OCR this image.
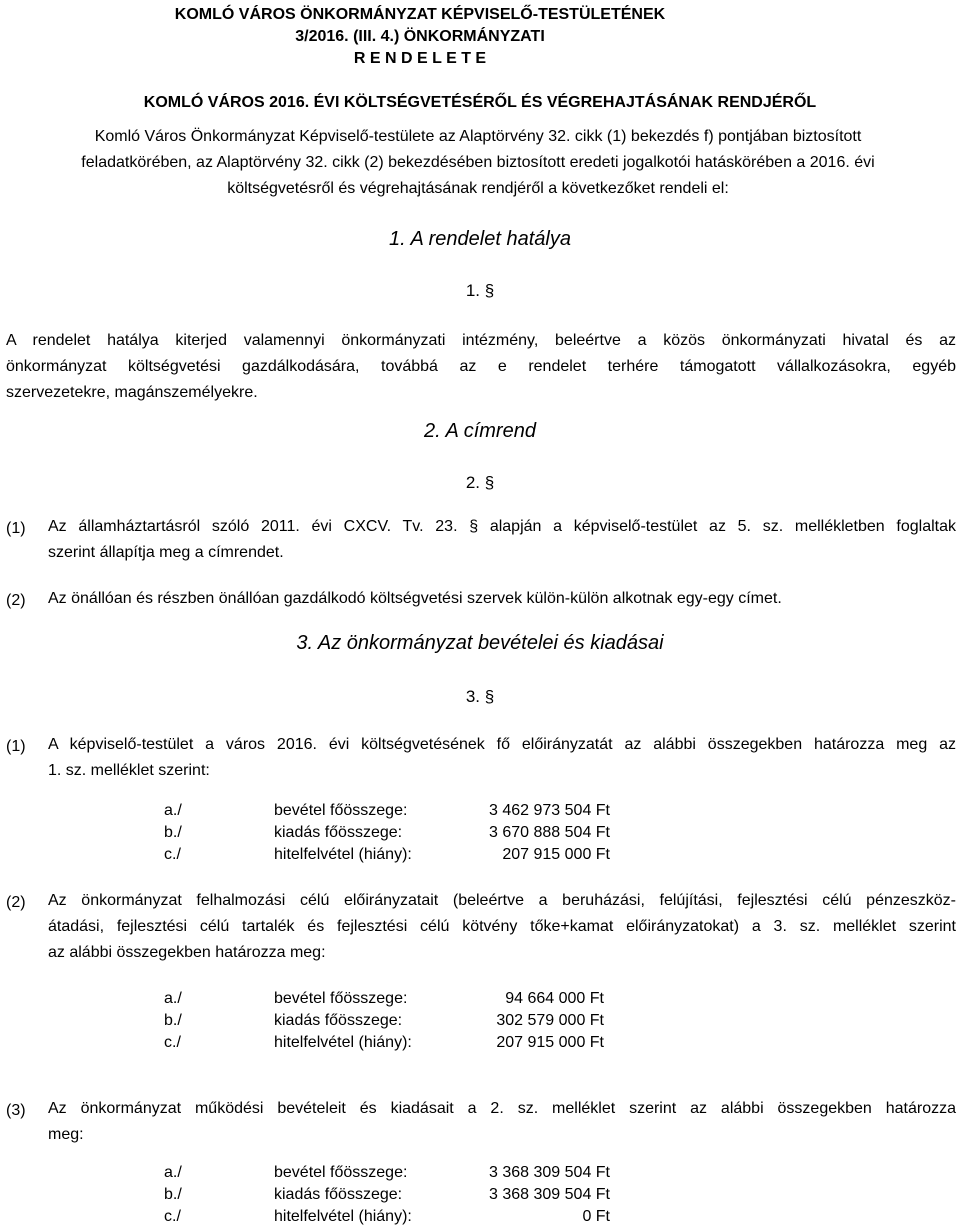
KOMLÓ VÁROS ÖNKORMÁNYZAT KÉPVISELŐ-TESTÜLETÉNEK
3/2016. (III. 4.) ÖNKORMÁNYZATI
R E N D E L E T E
KOMLÓ VÁROS 2016. ÉVI KÖLTSÉGVETÉSÉRŐL ÉS VÉGREHAJTÁSÁNAK RENDJÉRŐL
Komló Város Önkormányzat Képviselő-testülete az Alaptörvény 32. cikk (1) bekezdés f) pontjában biztosított
feladatkörében, az Alaptörvény 32. cikk (2) bekezdésében biztosított eredeti jogalkotói hatáskörében a 2016. évi
költségvetésről és végrehajtásának rendjéről a következőket rendeli el:
1. A rendelet hatálya
1. §
A rendelet hatálya kiterjed valamennyi önkormányzati intézmény, beleértve a közös önkormányzati hivatal és az
önkormányzat költségvetési gazdálkodására, továbbá az e rendelet terhére támogatott vállalkozásokra, egyéb
szervezetekre, magánszemélyekre.
2. A címrend
2. §
(1) Az államháztartásról szóló 2011. évi CXCV. Tv. 23. § alapján a képviselő-testület az 5. sz. mellékletben foglaltak
szerint állapítja meg a címrendet.
(2) Az önállóan és részben önállóan gazdálkodó költségvetési szervek külön-külön alkotnak egy-egy címet.
3. Az önkormányzat bevételei és kiadásai
3. §
(1) A képviselő-testület a város 2016. évi költségvetésének fő előirányzatát az alábbi összegekben határozza meg az
1. sz. melléklet szerint:
a./	bevétel főösszege:	3 462 973 504 Ft
b./	kiadás főösszege:	3 670 888 504 Ft
c./	hitelfelvétel (hiány):	207 915 000 Ft
(2) Az önkormányzat felhalmozási célú előirányzatait (beleértve a beruházási, felújítási, fejlesztési célú pénzeszköz-
átadási, fejlesztési célú tartalék és fejlesztési célú kötvény tőke+kamat előirányzatokat) a 3. sz. melléklet szerint
az alábbi összegekben határozza meg:
a./	bevétel főösszege:	94 664 000 Ft
b./	kiadás főösszege:	302 579 000 Ft
c./	hitelfelvétel (hiány):	207 915 000 Ft
(3) Az önkormányzat működési bevételeit és kiadásait a 2. sz. melléklet szerint az alábbi összegekben határozza
meg:
a./	bevétel főösszege:	3 368 309 504 Ft
b./	kiadás főösszege:	3 368 309 504 Ft
c./	hitelfelvétel (hiány):	0 Ft
